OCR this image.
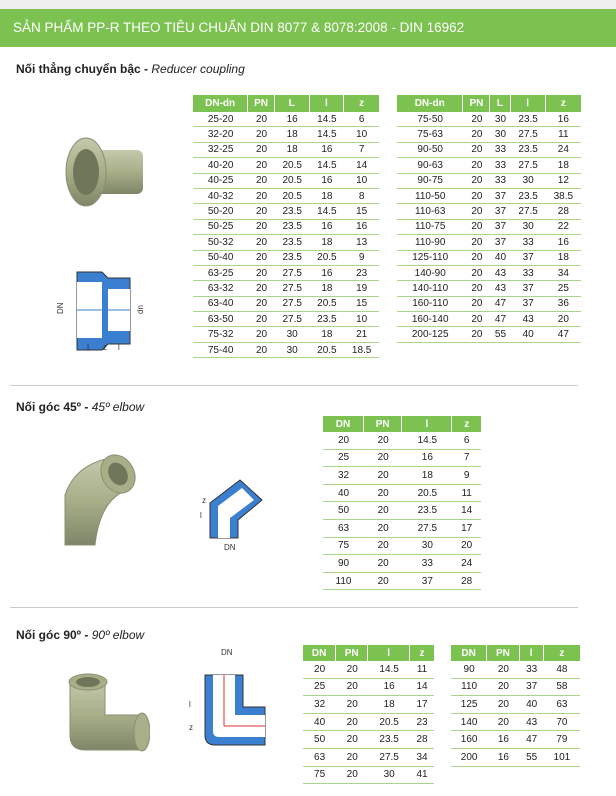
SẢN PHẨM PP-R THEO TIÊU CHUẨN DIN 8077 & 8078:2008 - DIN 16962
Nối thẳng chuyển bậc - Reducer coupling
DN	dn
L z l
DN-dn	PN	L	l	z
25-20	20	16	14.5	6
32-20	20	18	14.5	10
32-25	20	18	16	7
40-20	20	20.5	14.5	14
40-25	20	20.5	16	10
40-32	20	20.5	18	8
50-20	20	23.5	14.5	15
50-25	20	23.5	16	16
50-32	20	23.5	18	13
50-40	20	23.5	20.5	9
63-25	20	27.5	16	23
63-32	20	27.5	18	19
63-40	20	27.5	20.5	15
63-50	20	27.5	23.5	10
75-32	20	30	18	21
75-40	20	30	20.5	18.5
DN-dn	PN	L	l	z
75-50	20	30	23.5	16
75-63	20	30	27.5	11
90-50	20	33	23.5	24
90-63	20	33	27.5	18
90-75	20	33	30	12
110-50	20	37	23.5	38.5
110-63	20	37	27.5	28
110-75	20	37	30	22
110-90	20	37	33	16
125-110	20	40	37	18
140-90	20	43	33	34
140-110	20	43	37	25
160-110	20	47	37	36
160-140	20	47	43	20
200-125	20	55	40	47
Nối góc 45º - 45º elbow
l
z
DN
DN	PN	l	z
20	20	14.5	6
25	20	16	7
32	20	18	9
40	20	20.5	11
50	20	23.5	14
63	20	27.5	17
75	20	30	20
90	20	33	24
110	20	37	28
Nối góc 90º - 90º elbow
DN
l
z
DN	PN	l	z
20	20	14.5	11
25	20	16	14
32	20	18	17
40	20	20.5	23
50	20	23.5	28
63	20	27.5	34
75	20	30	41
DN	PN	l	z
90	20	33	48
110	20	37	58
125	20	40	63
140	20	43	70
160	16	47	79
200	16	55	101
